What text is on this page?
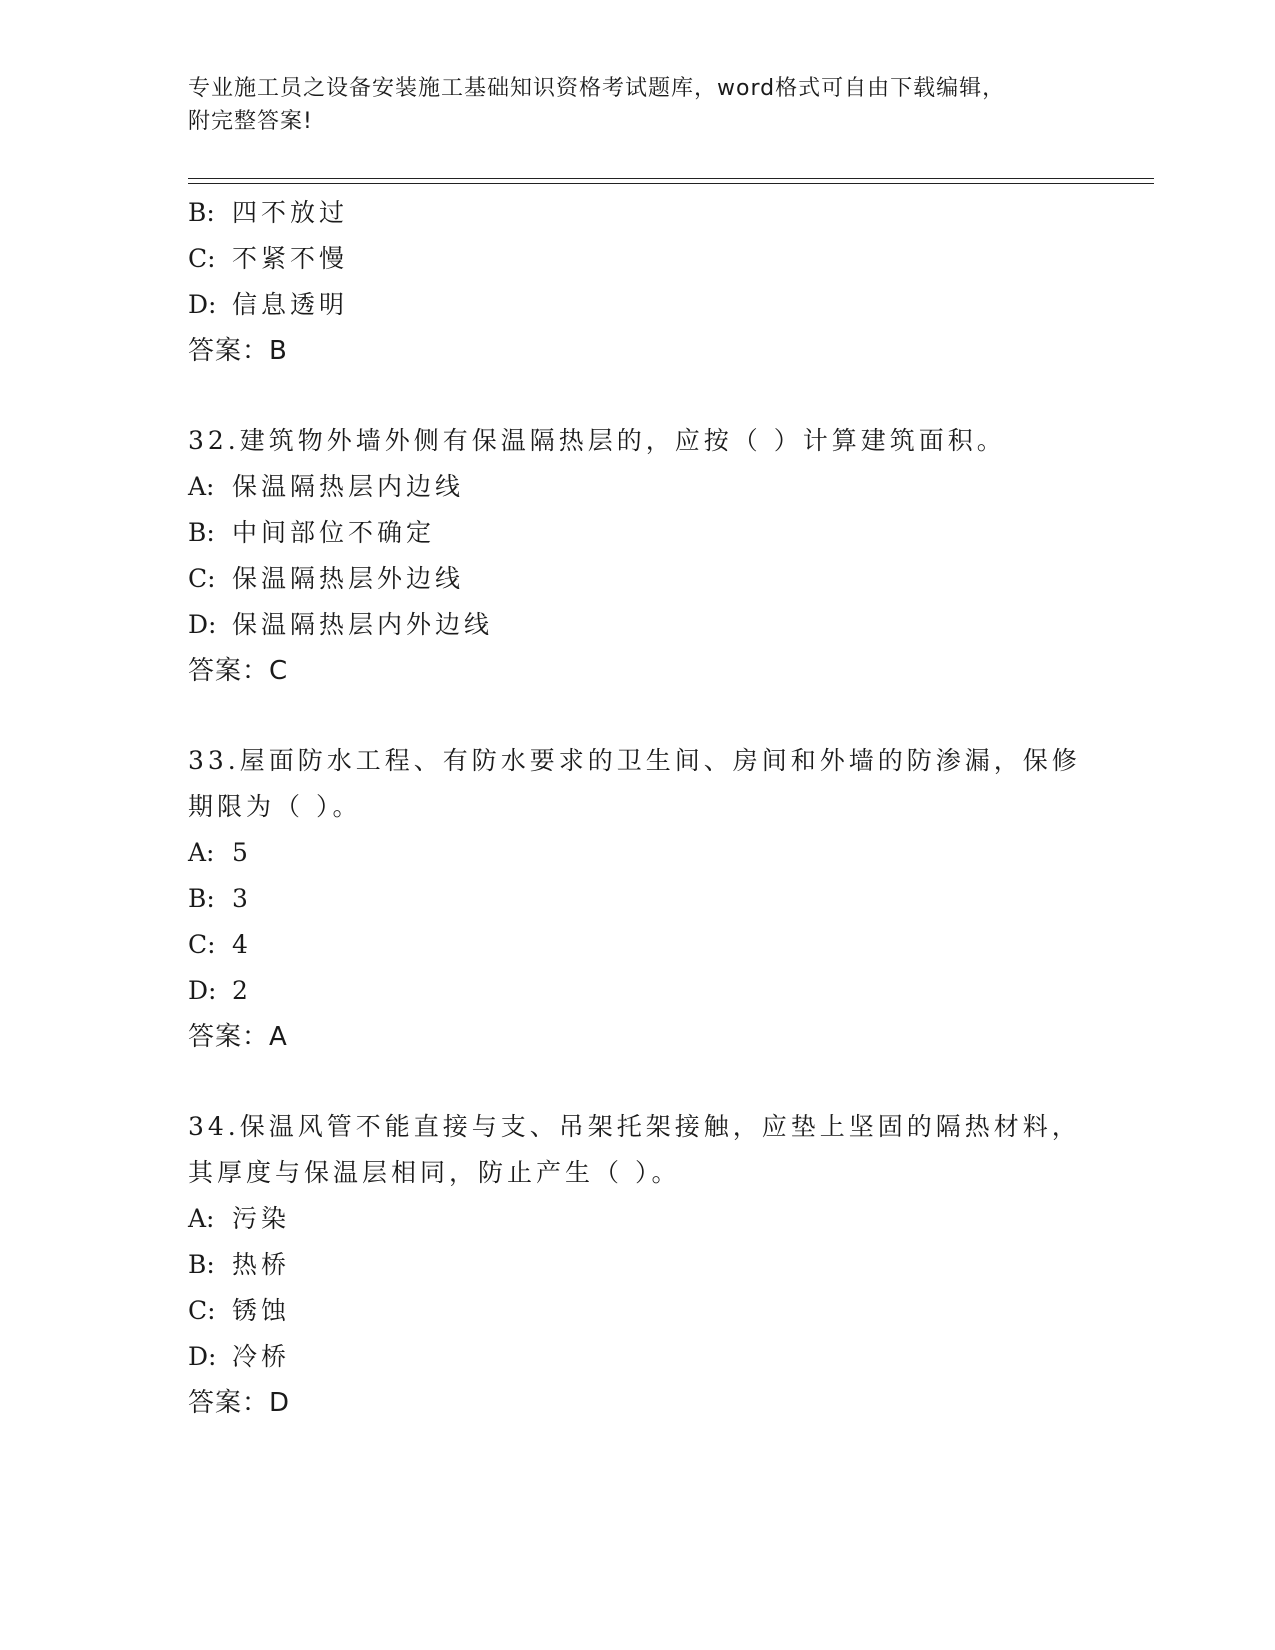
专业施工员之设备安装施工基础知识资格考试题库，word格式可自由下载编辑，
附完整答案!
B: 四不放过
C: 不紧不慢
D: 信息透明
答案：B
32.建筑物外墙外侧有保温隔热层的，应按（ ）计算建筑面积。
A: 保温隔热层内边线
B: 中间部位不确定
C: 保温隔热层外边线
D: 保温隔热层内外边线
答案：C
33.屋面防水工程、有防水要求的卫生间、房间和外墙的防渗漏，保修
期限为（ ）。
A: 5
B: 3
C: 4
D: 2
答案：A
34.保温风管不能直接与支、吊架托架接触，应垫上坚固的隔热材料，
其厚度与保温层相同，防止产生（ ）。
A: 污染
B: 热桥
C: 锈蚀
D: 冷桥
答案：D
